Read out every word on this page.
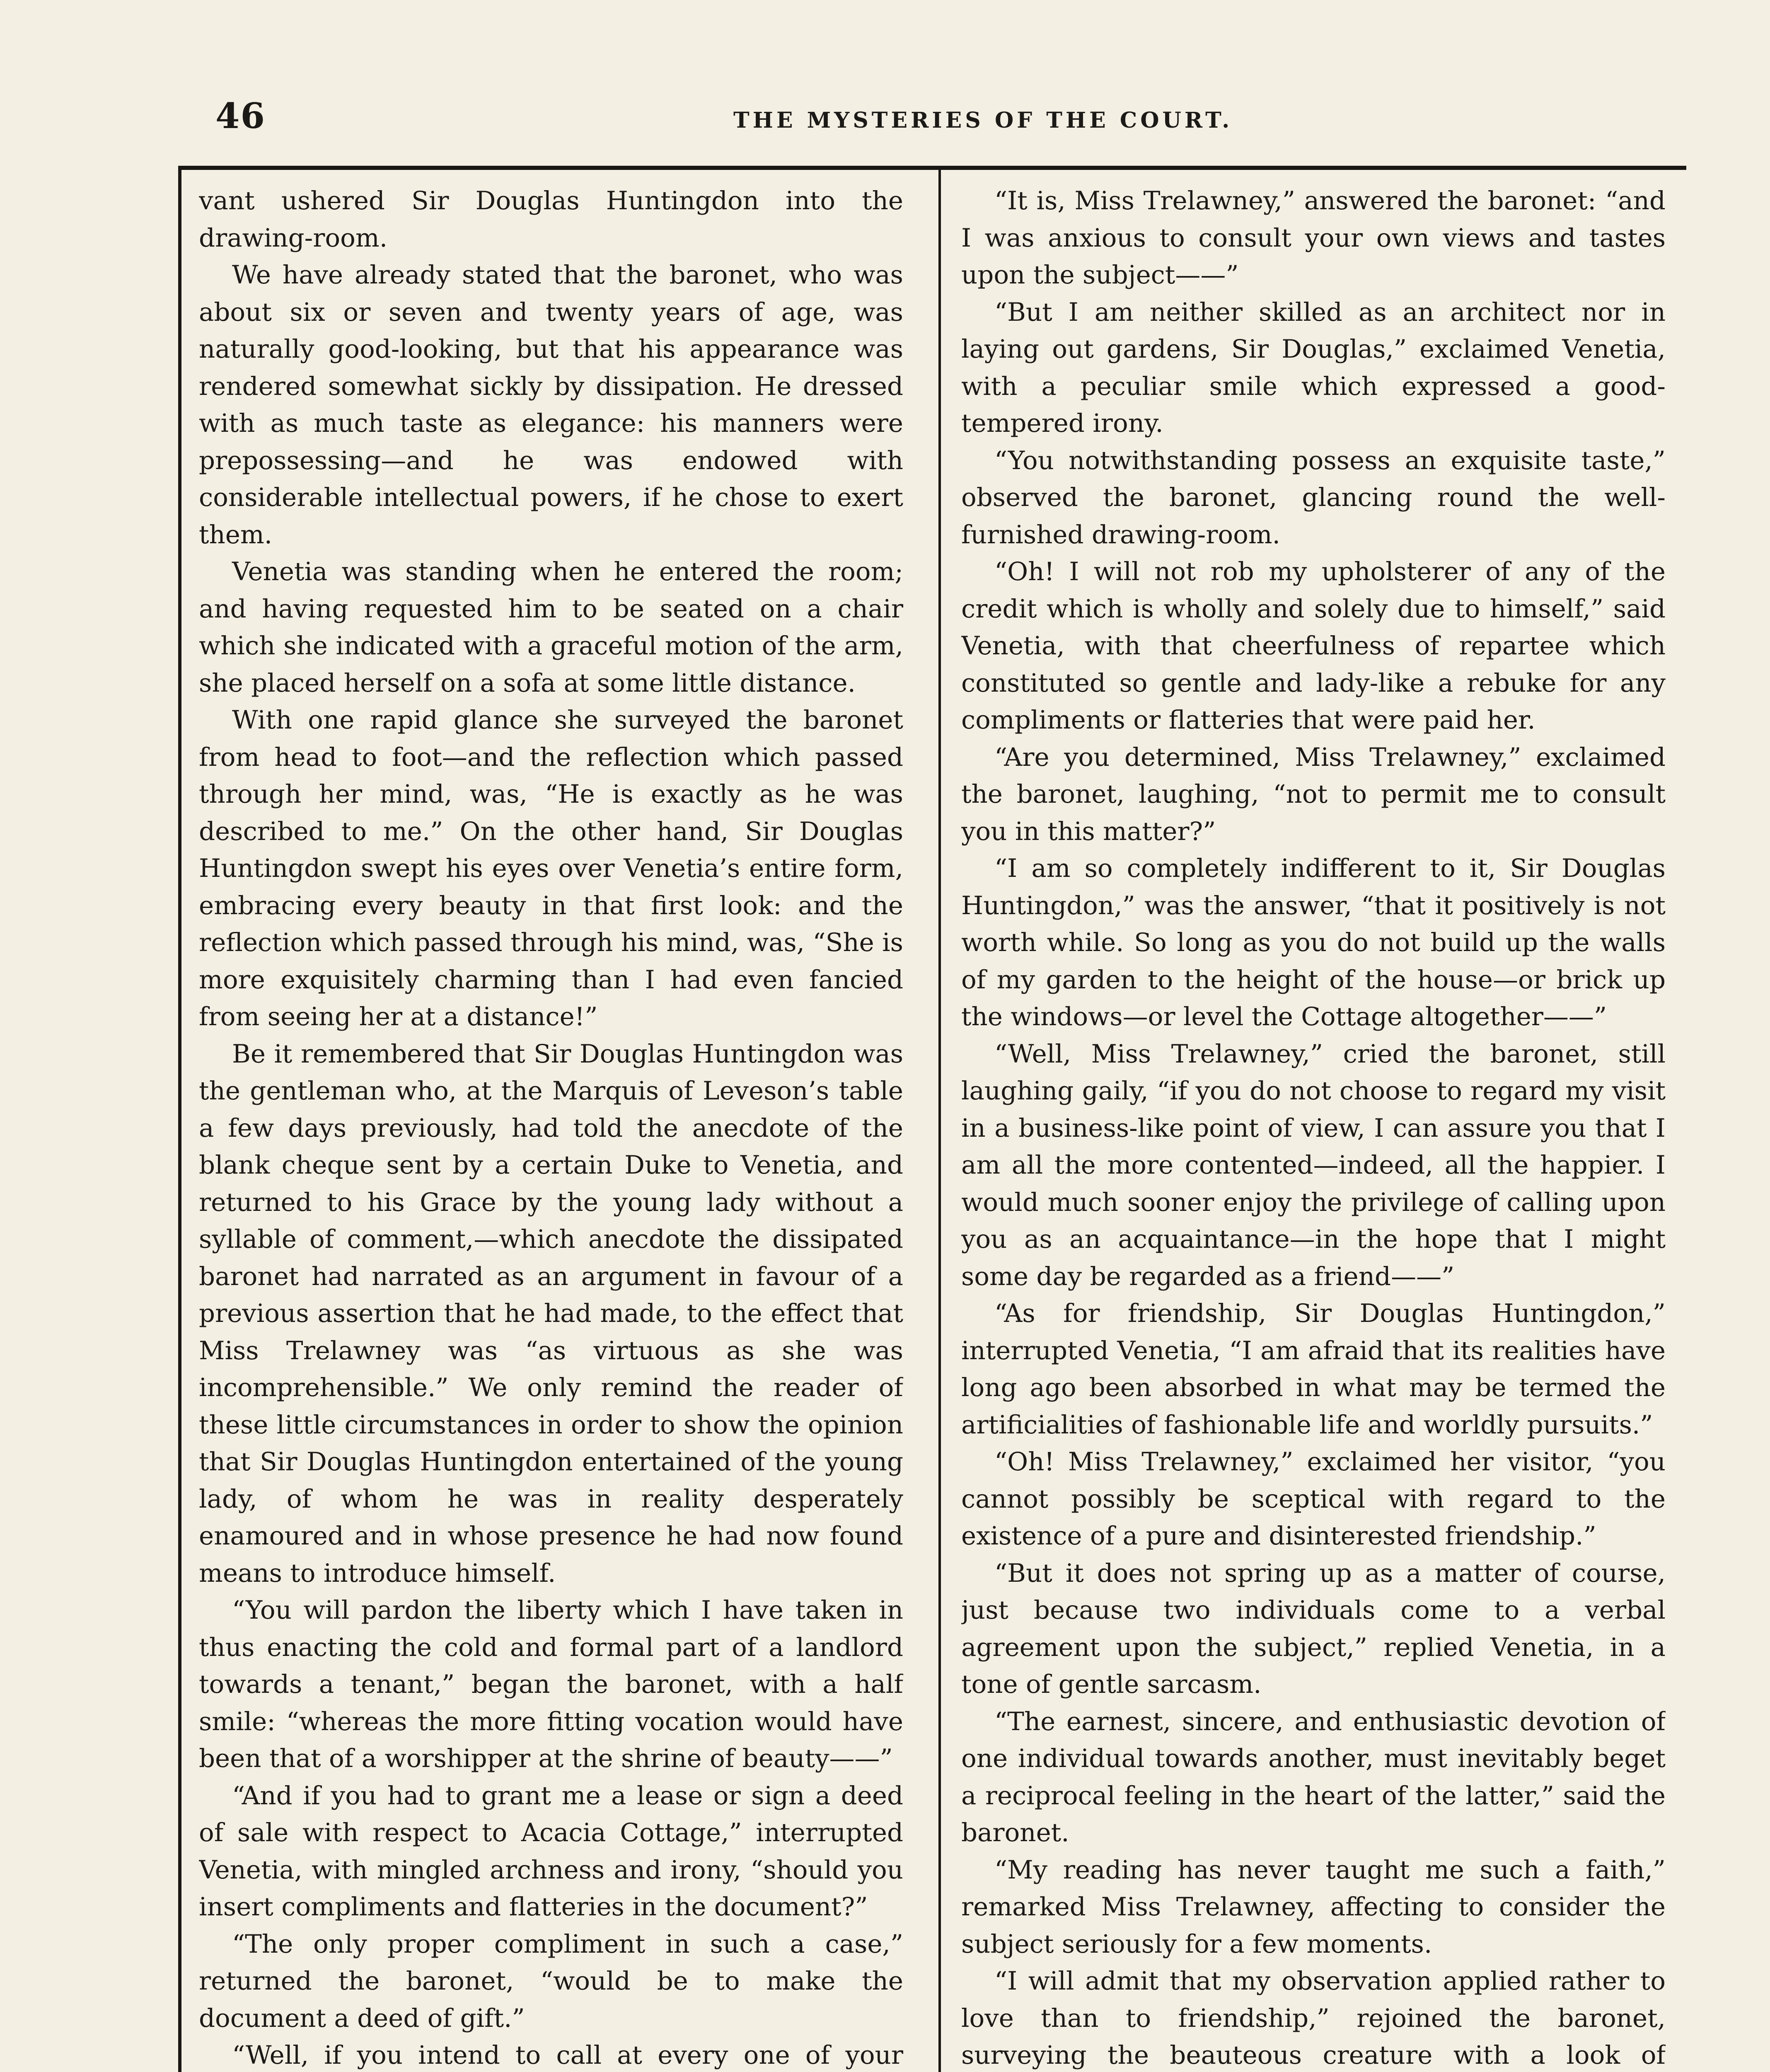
46	THE MYSTERIES OF THE COURT.

vant ushered Sir Douglas Huntingdon into the drawing-room.

We have already stated that the baronet, who was about six or seven and twenty years of age, was naturally good-looking, but that his appearance was rendered somewhat sickly by dissipation. He dressed with as much taste as elegance: his manners were prepossessing—and he was endowed with considerable intellectual powers, if he chose to exert them.

Venetia was standing when he entered the room; and having requested him to be seated on a chair which she indicated with a graceful motion of the arm, she placed herself on a sofa at some little distance.

With one rapid glance she surveyed the baronet from head to foot—and the reflection which passed through her mind, was, “He is exactly as he was described to me.” On the other hand, Sir Douglas Huntingdon swept his eyes over Venetia’s entire form, embracing every beauty in that first look: and the reflection which passed through his mind, was, “She is more exquisitely charming than I had even fancied from seeing her at a distance!”

Be it remembered that Sir Douglas Huntingdon was the gentleman who, at the Marquis of Leveson’s table a few days previously, had told the anecdote of the blank cheque sent by a certain Duke to Venetia, and returned to his Grace by the young lady without a syllable of comment,—which anecdote the dissipated baronet had narrated as an argument in favour of a previous assertion that he had made, to the effect that Miss Trelawney was “as virtuous as she was incomprehensible.” We only remind the reader of these little circumstances in order to show the opinion that Sir Douglas Huntingdon entertained of the young lady, of whom he was in reality desperately enamoured and in whose presence he had now found means to introduce himself.

“You will pardon the liberty which I have taken in thus enacting the cold and formal part of a landlord towards a tenant,” began the baronet, with a half smile: “whereas the more fitting vocation would have been that of a worshipper at the shrine of beauty——”

“And if you had to grant me a lease or sign a deed of sale with respect to Acacia Cottage,” interrupted Venetia, with mingled archness and irony, “should you insert compliments and flatteries in the document?”

“The only proper compliment in such a case,” returned the baronet, “would be to make the document a deed of gift.”

“Well, if you intend to call at every one of your

“It is, Miss Trelawney,” answered the baronet: “and I was anxious to consult your own views and tastes upon the subject——”

“But I am neither skilled as an architect nor in laying out gardens, Sir Douglas,” exclaimed Venetia, with a peculiar smile which expressed a good-tempered irony.

“You notwithstanding possess an exquisite taste,” observed the baronet, glancing round the well-furnished drawing-room.

“Oh! I will not rob my upholsterer of any of the credit which is wholly and solely due to himself,” said Venetia, with that cheerfulness of repartee which constituted so gentle and lady-like a rebuke for any compliments or flatteries that were paid her.

“Are you determined, Miss Trelawney,” exclaimed the baronet, laughing, “not to permit me to consult you in this matter?”

“I am so completely indifferent to it, Sir Douglas Huntingdon,” was the answer, “that it positively is not worth while. So long as you do not build up the walls of my garden to the height of the house—or brick up the windows—or level the Cottage altogether——”

“Well, Miss Trelawney,” cried the baronet, still laughing gaily, “if you do not choose to regard my visit in a business-like point of view, I can assure you that I am all the more contented—indeed, all the happier. I would much sooner enjoy the privilege of calling upon you as an acquaintance—in the hope that I might some day be regarded as a friend——”

“As for friendship, Sir Douglas Huntingdon,” interrupted Venetia, “I am afraid that its realities have long ago been absorbed in what may be termed the artificialities of fashionable life and worldly pursuits.”

“Oh! Miss Trelawney,” exclaimed her visitor, “you cannot possibly be sceptical with regard to the existence of a pure and disinterested friendship.”

“But it does not spring up as a matter of course, just because two individuals come to a verbal agreement upon the subject,” replied Venetia, in a tone of gentle sarcasm.

“The earnest, sincere, and enthusiastic devotion of one individual towards another, must inevitably beget a reciprocal feeling in the heart of the latter,” said the baronet.

“My reading has never taught me such a faith,” remarked Miss Trelawney, affecting to consider the subject seriously for a few moments.

“I will admit that my observation applied rather to love than to friendship,” rejoined the baronet, surveying the beauteous creature with a look of
